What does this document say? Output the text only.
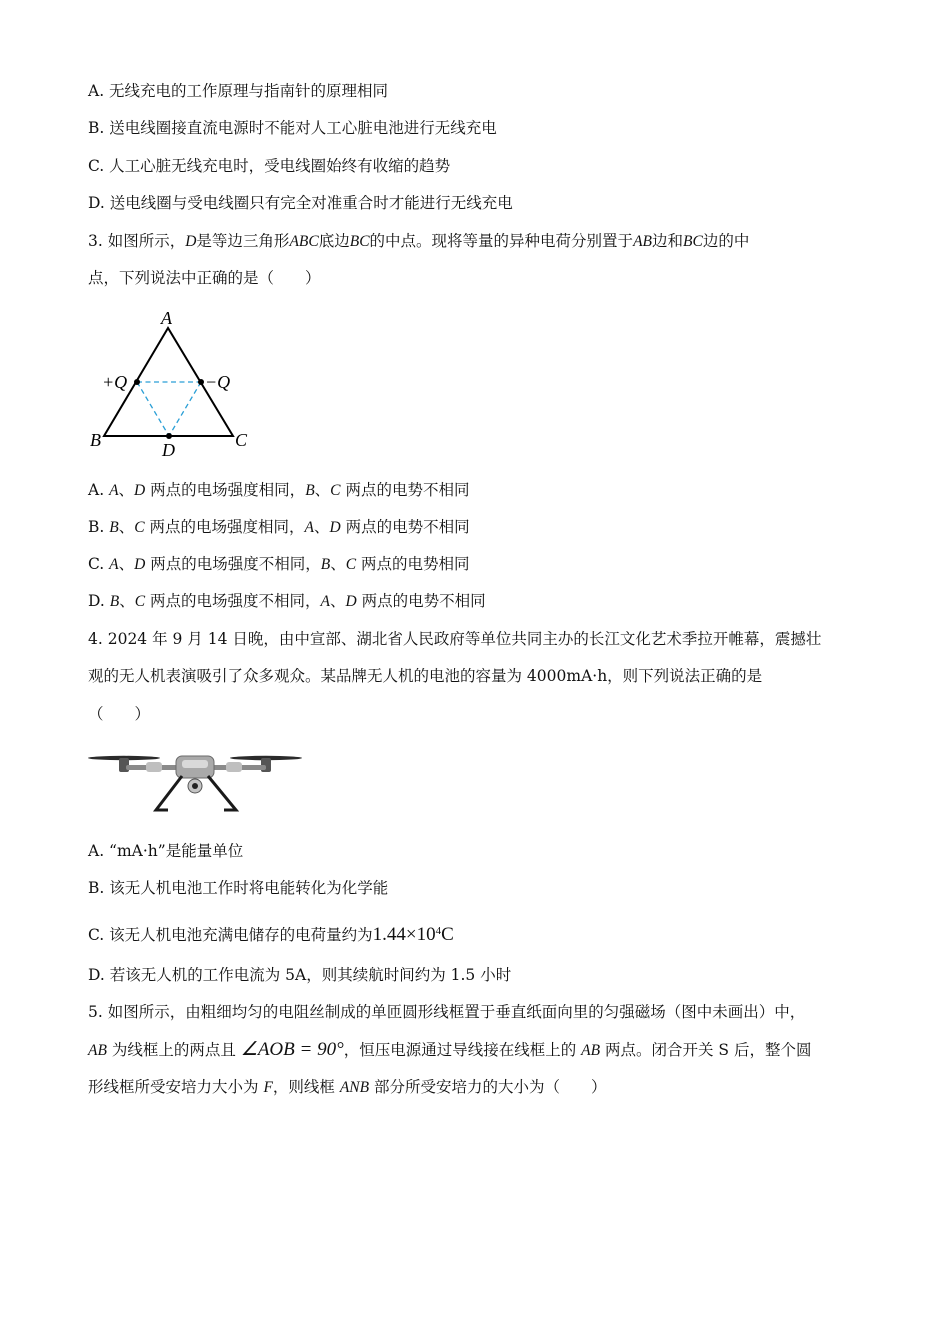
A. 无线充电的工作原理与指南针的原理相同
B. 送电线圈接直流电源时不能对人工心脏电池进行无线充电
C. 人工心脏无线充电时，受电线圈始终有收缩的趋势
D. 送电线圈与受电线圈只有完全对准重合时才能进行无线充电
3. 如图所示，D是等边三角形ABC底边BC的中点。现将等量的异种电荷分别置于AB边和BC边的中
点，下列说法中正确的是（　　）
A
B	C
D
+Q	−Q
A. A、D 两点的电场强度相同，B、C 两点的电势不相同
B. B、C 两点的电场强度相同，A、D 两点的电势不相同
C. A、D 两点的电场强度不相同，B、C 两点的电势相同
D. B、C 两点的电场强度不相同，A、D 两点的电势不相同
4. 2024 年 9 月 14 日晚，由中宣部、湖北省人民政府等单位共同主办的长江文化艺术季拉开帷幕，震撼壮
观的无人机表演吸引了众多观众。某品牌无人机的电池的容量为 4000mA·h，则下列说法正确的是
（　　）
A. “mA·h”是能量单位
B. 该无人机电池工作时将电能转化为化学能
C. 该无人机电池充满电储存的电荷量约为$1.44\times 10^4C$
D. 若该无人机的工作电流为 5A，则其续航时间约为 1.5 小时
5. 如图所示，由粗细均匀的电阻丝制成的单匝圆形线框置于垂直纸面向里的匀强磁场（图中未画出）中，
AB 为线框上的两点且 ∠AOB = 90°，恒压电源通过导线接在线框上的 AB 两点。闭合开关 S 后，整个圆
形线框所受安培力大小为 F，则线框 ANB 部分所受安培力的大小为（　　）
